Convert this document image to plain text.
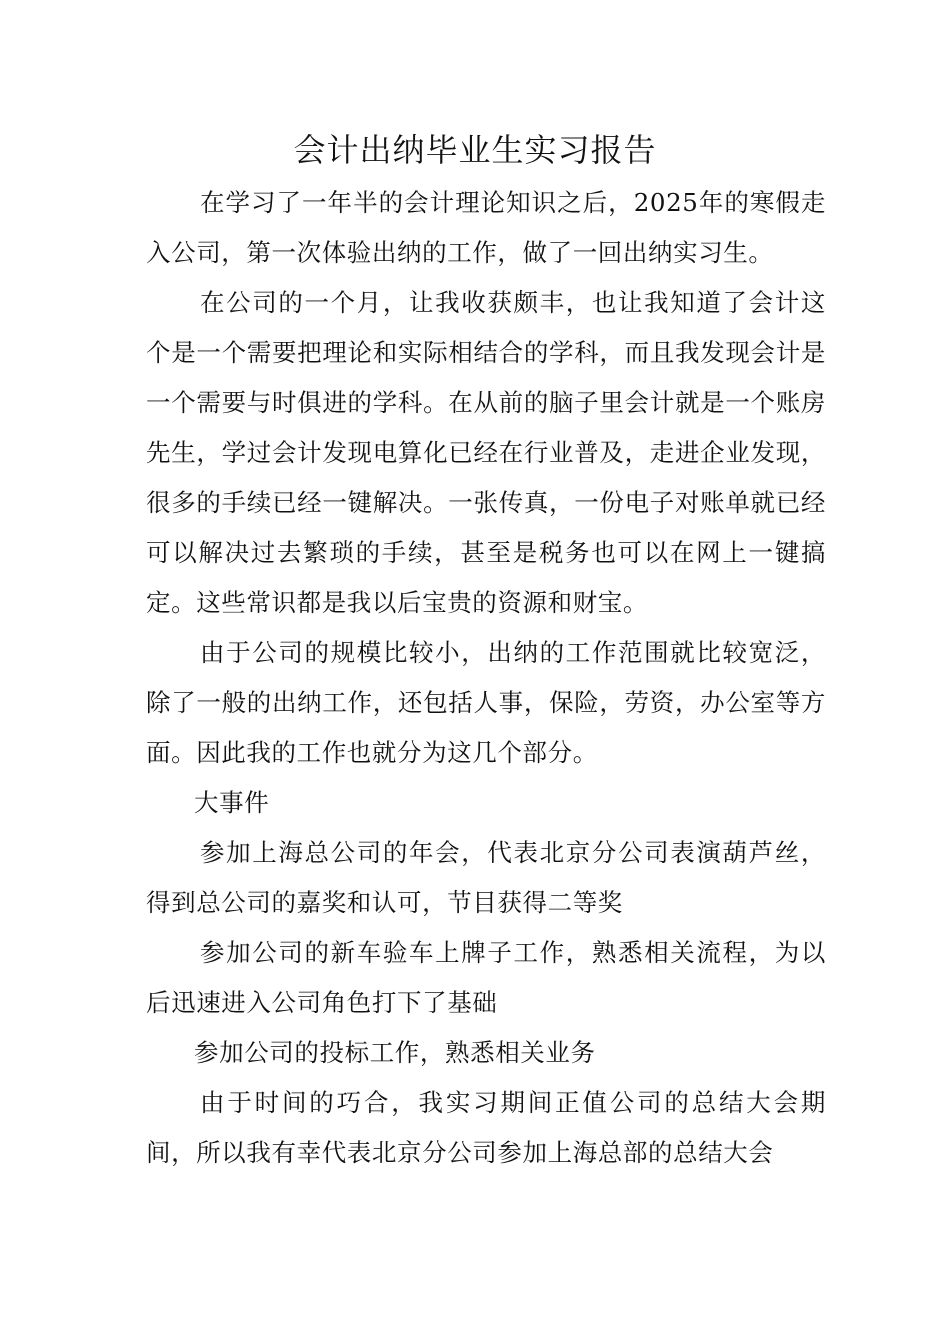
会计出纳毕业生实习报告

在学习了一年半的会计理论知识之后，2025年的寒假走入公司，第一次体验出纳的工作，做了一回出纳实习生。

在公司的一个月，让我收获颇丰，也让我知道了会计这个是一个需要把理论和实际相结合的学科，而且我发现会计是一个需要与时俱进的学科。在从前的脑子里会计就是一个账房先生，学过会计发现电算化已经在行业普及，走进企业发现，很多的手续已经一键解决。一张传真，一份电子对账单就已经可以解决过去繁琐的手续，甚至是税务也可以在网上一键搞定。这些常识都是我以后宝贵的资源和财宝。

由于公司的规模比较小，出纳的工作范围就比较宽泛，除了一般的出纳工作，还包括人事，保险，劳资，办公室等方面。因此我的工作也就分为这几个部分。

大事件

参加上海总公司的年会，代表北京分公司表演葫芦丝，得到总公司的嘉奖和认可，节目获得二等奖

参加公司的新车验车上牌子工作，熟悉相关流程，为以后迅速进入公司角色打下了基础

参加公司的投标工作，熟悉相关业务

由于时间的巧合，我实习期间正值公司的总结大会期间，所以我有幸代表北京分公司参加上海总部的总结大会
